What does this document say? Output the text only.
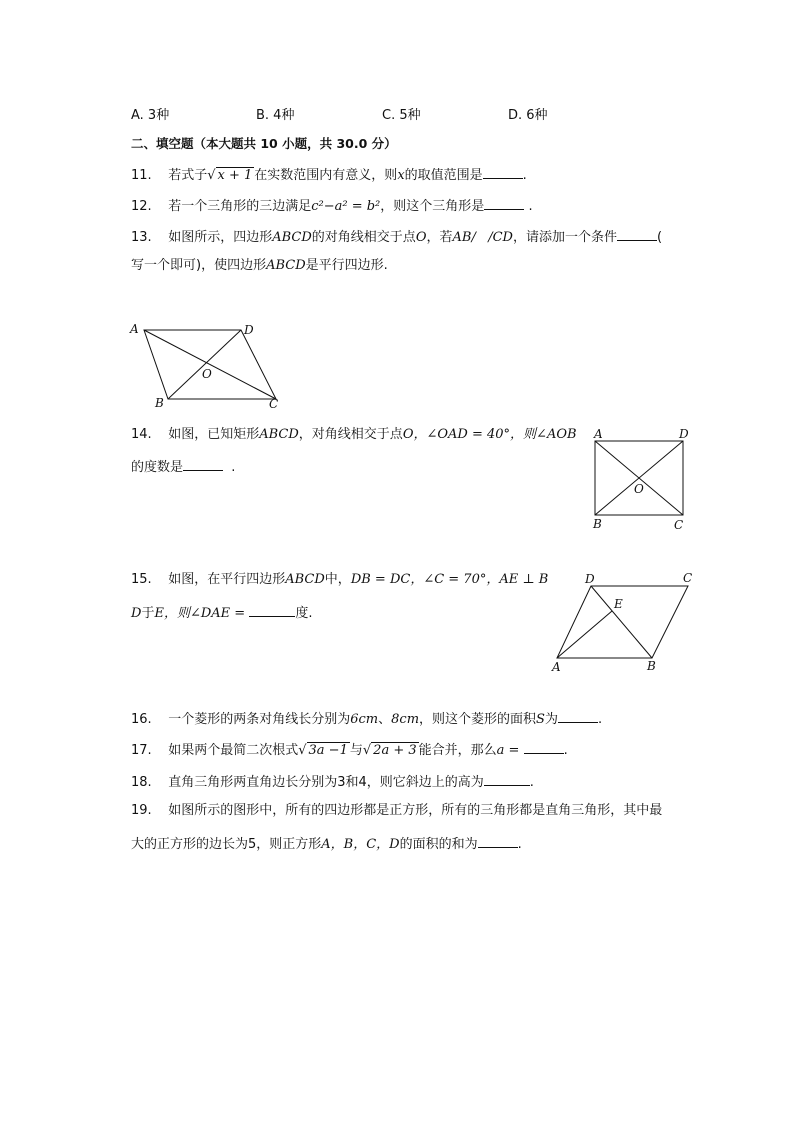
A. 3种	B. 4种	C. 5种	D. 6种
二、填空题（本大题共 10 小题，共 30.0 分）
11. 若式子√ x + 1 在实数范围内有意义，则x的取值范围是	.
12. 若一个三角形的三边满足c²−a² = b²，则这个三角形是	.
13. 如图所示，四边形ABCD的对角线相交于点O，若AB/   /CD，请添加一个条件	(
写一个即可)，使四边形ABCD是平行四边形.
A	D
O
B	C
14. 如图，已知矩形ABCD，对角线相交于点O，∠OAD = 40°，则∠AOB
的度数是	.
A	D
O
B	C
15. 如图，在平行四边形ABCD中，DB = DC，∠C = 70°，AE ⊥ B
D于E，则∠DAE =	度.
D	C
E
A	B
16. 一个菱形的两条对角线长分别为6cm、8cm，则这个菱形的面积S为	.
17. 如果两个最简二次根式√ 3a −1 与√ 2a + 3 能合并，那么a =	.
18. 直角三角形两直角边长分别为3和4，则它斜边上的高为	.
19. 如图所示的图形中，所有的四边形都是正方形，所有的三角形都是直角三角形，其中最
大的正方形的边长为5，则正方形A，B，C，D的面积的和为	.
